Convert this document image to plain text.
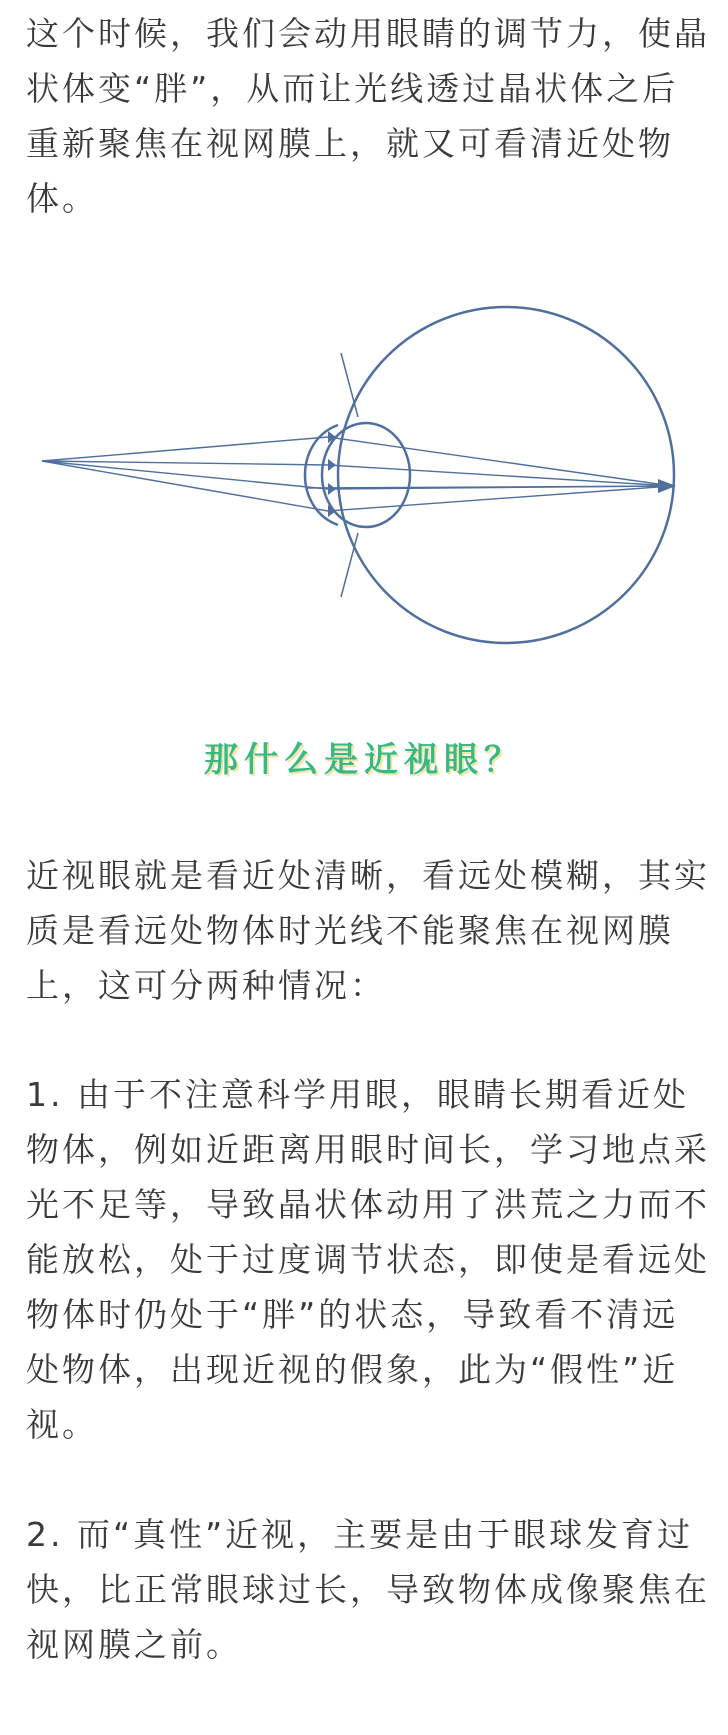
这个时候，我们会动用眼睛的调节力，使晶状体变“胖”，从而让光线透过晶状体之后重新聚焦在视网膜上，就又可看清近处物体。

那什么是近视眼？

近视眼就是看近处清晰，看远处模糊，其实质是看远处物体时光线不能聚焦在视网膜上，这可分两种情况：

1. 由于不注意科学用眼，眼睛长期看近处物体，例如近距离用眼时间长，学习地点采光不足等，导致晶状体动用了洪荒之力而不能放松，处于过度调节状态，即使是看远处物体时仍处于“胖”的状态，导致看不清远处物体，出现近视的假象，此为“假性”近视。

2. 而“真性”近视，主要是由于眼球发育过快，比正常眼球过长，导致物体成像聚焦在视网膜之前。
